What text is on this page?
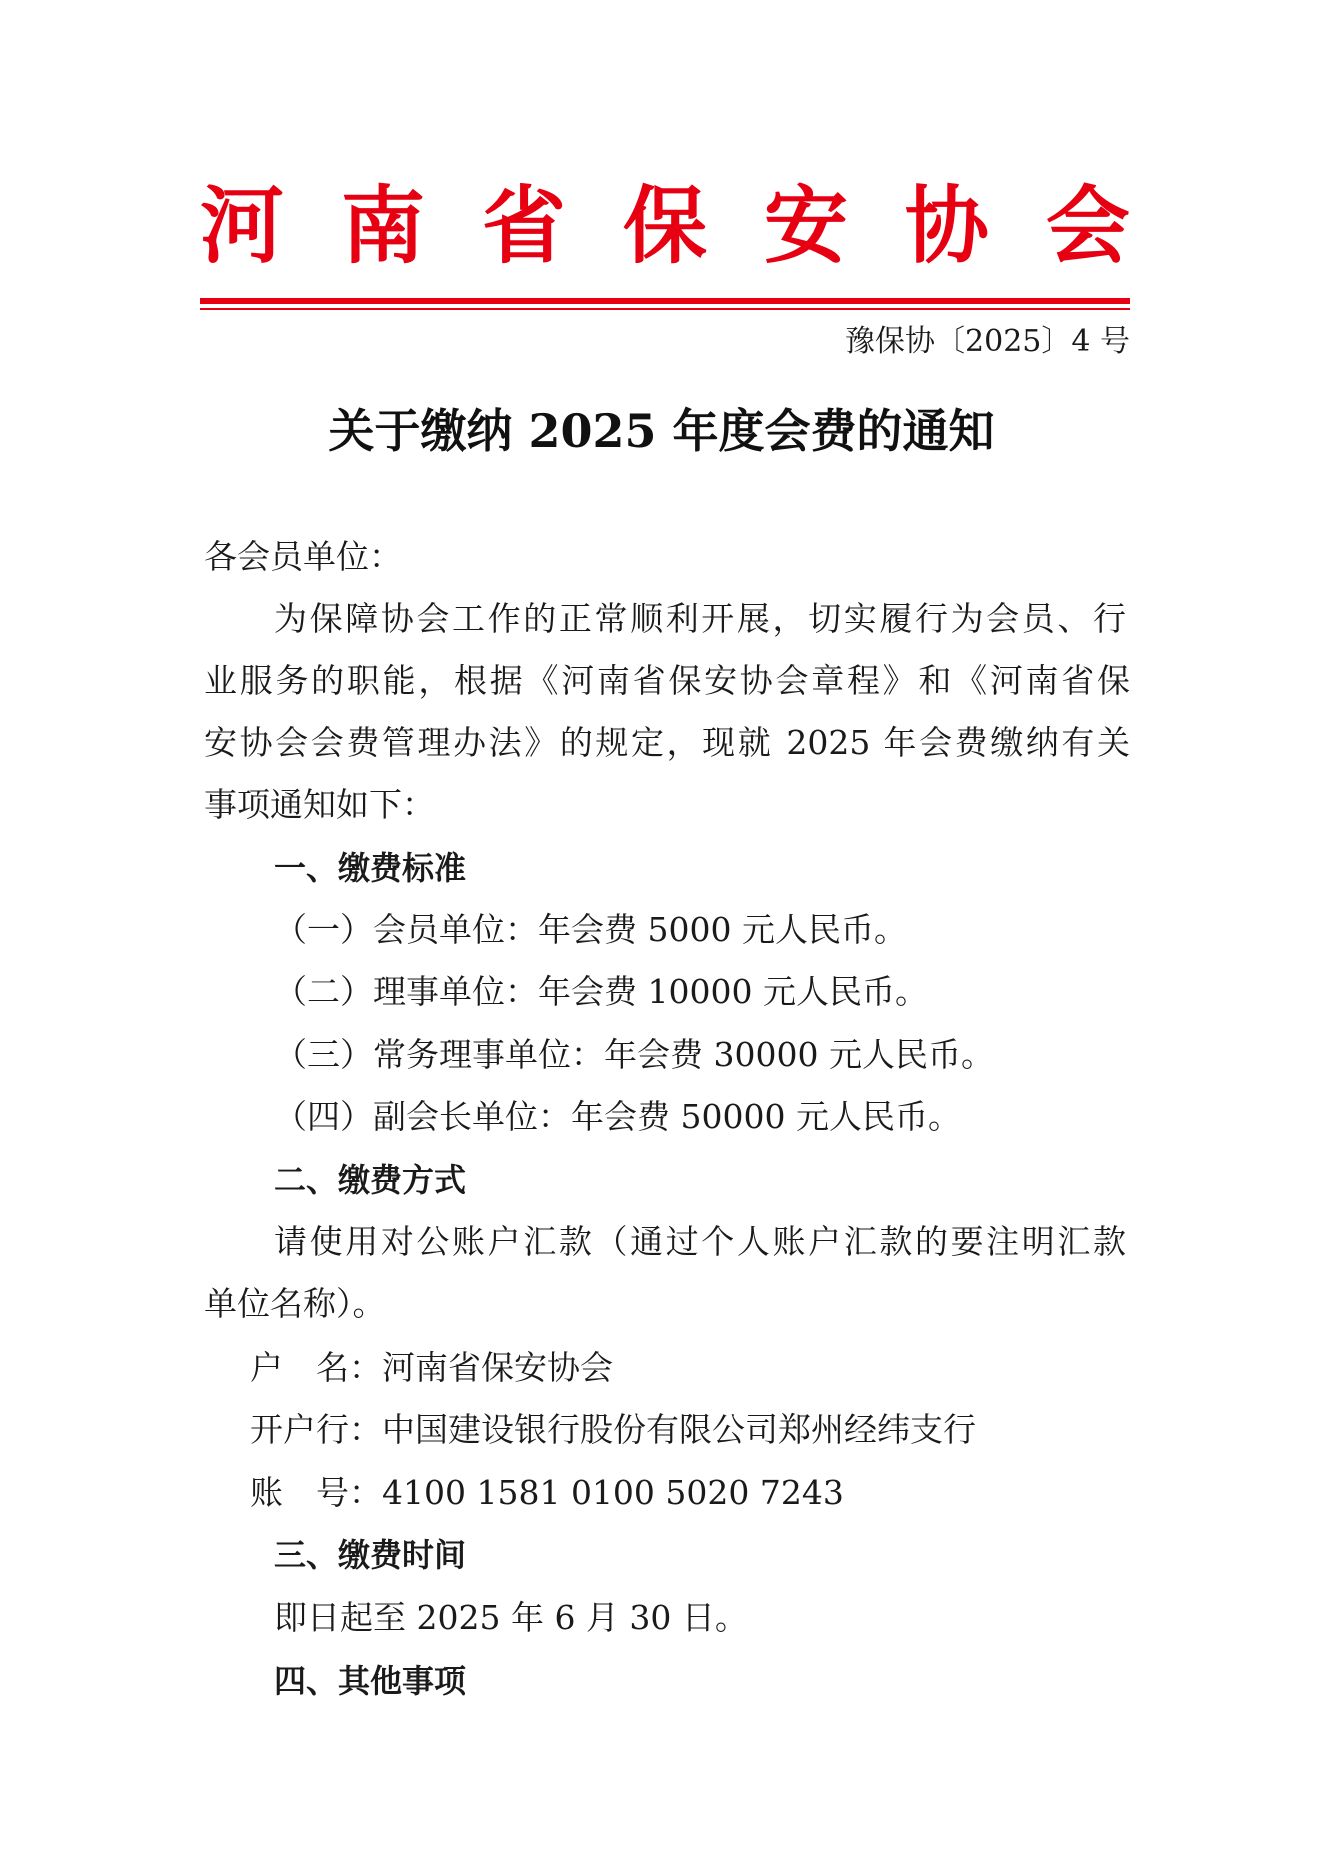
河 南 省 保 安 协 会
豫保协〔2025〕4 号
关于缴纳 2025 年度会费的通知
各会员单位：
为保障协会工作的正常顺利开展，切实履行为会员、行
业服务的职能，根据《河南省保安协会章程》和《河南省保
安协会会费管理办法》的规定，现就 2025 年会费缴纳有关
事项通知如下：
一、缴费标准
（一）会员单位：年会费 5000 元人民币。
（二）理事单位：年会费 10000 元人民币。
（三）常务理事单位：年会费 30000 元人民币。
（四）副会长单位：年会费 50000 元人民币。
二、缴费方式
请使用对公账户汇款（通过个人账户汇款的要注明汇款
单位名称）。
户　名：河南省保安协会
开户行：中国建设银行股份有限公司郑州经纬支行
账　号：4100 1581 0100 5020 7243
三、缴费时间
即日起至 2025 年 6 月 30 日。
四、其他事项
